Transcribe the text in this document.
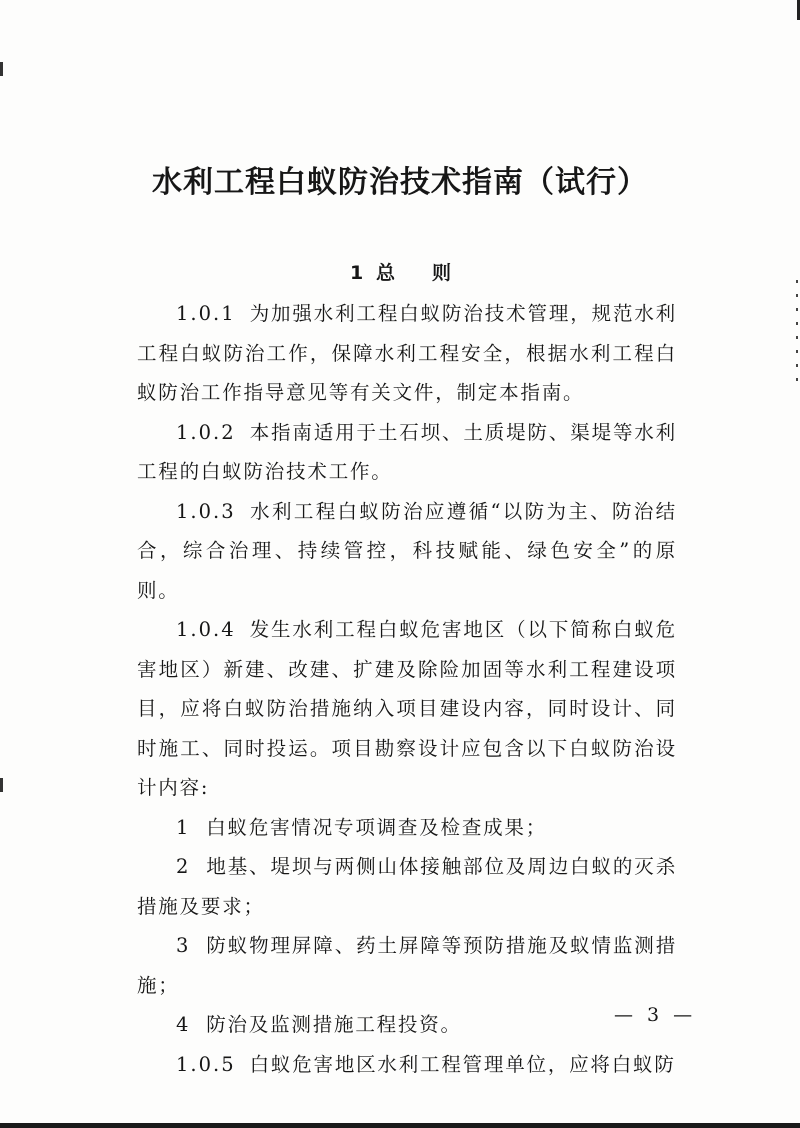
水利工程白蚁防治技术指南（试行）
1 总 则

1.0.1 为加强水利工程白蚁防治技术管理，规范水利工程白蚁防治工作，保障水利工程安全，根据水利工程白蚁防治工作指导意见等有关文件，制定本指南。

1.0.2 本指南适用于土石坝、土质堤防、渠堤等水利工程的白蚁防治技术工作。

1.0.3 水利工程白蚁防治应遵循“以防为主、防治结合，综合治理、持续管控，科技赋能、绿色安全”的原则。

1.0.4 发生水利工程白蚁危害地区（以下简称白蚁危害地区）新建、改建、扩建及除险加固等水利工程建设项目，应将白蚁防治措施纳入项目建设内容，同时设计、同时施工、同时投运。项目勘察设计应包含以下白蚁防治设计内容:

1 白蚁危害情况专项调查及检查成果；

2 地基、堤坝与两侧山体接触部位及周边白蚁的灭杀措施及要求；

3 防蚁物理屏障、药土屏障等预防措施及蚁情监测措施；

4 防治及监测措施工程投资。

1.0.5 白蚁危害地区水利工程管理单位，应将白蚁防

— 3 —
